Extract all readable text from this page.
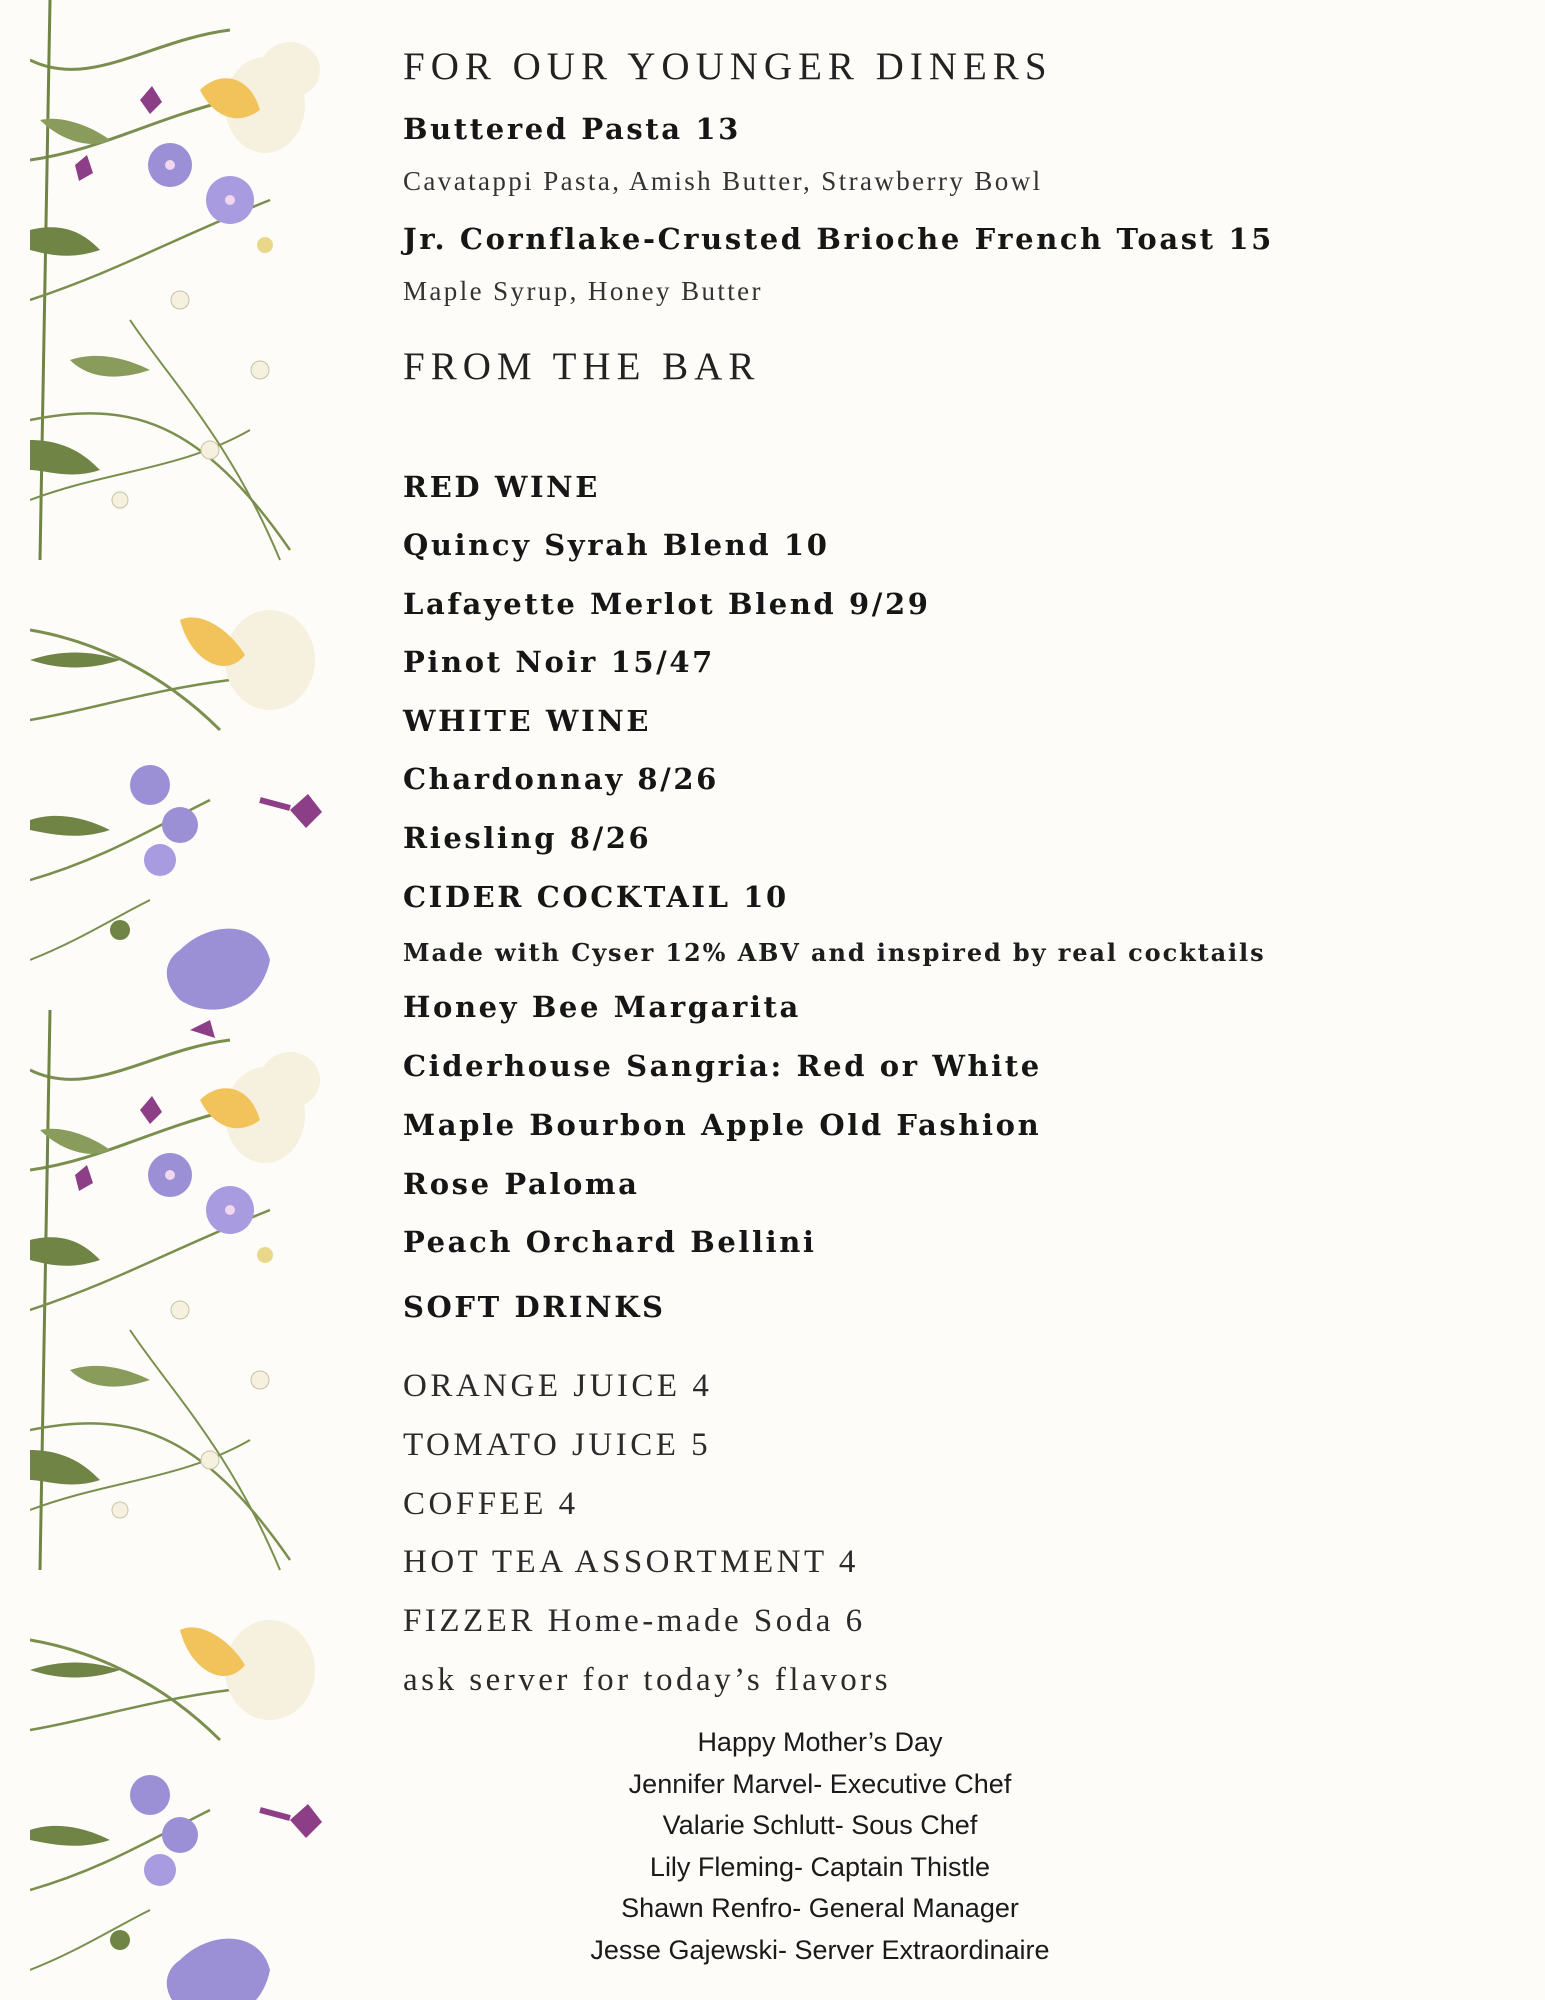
FOR OUR YOUNGER DINERS
Buttered Pasta 13
Cavatappi Pasta, Amish Butter, Strawberry Bowl
Jr. Cornflake-Crusted Brioche French Toast 15
Maple Syrup, Honey Butter
FROM THE BAR
RED WINE
Quincy Syrah Blend 10
Lafayette Merlot Blend 9/29
Pinot Noir 15/47
WHITE WINE
Chardonnay 8/26
Riesling 8/26
CIDER COCKTAIL 10
Made with Cyser 12% ABV and inspired by real cocktails
Honey Bee Margarita
Ciderhouse Sangria: Red or White
Maple Bourbon Apple Old Fashion
Rose Paloma
Peach Orchard Bellini
SOFT DRINKS
ORANGE JUICE 4
TOMATO JUICE 5
COFFEE 4
HOT TEA ASSORTMENT 4
FIZZER Home-made Soda 6
ask server for today’s flavors
Happy Mother’s Day
Jennifer Marvel- Executive Chef
Valarie Schlutt- Sous Chef
Lily Fleming- Captain Thistle
Shawn Renfro- General Manager
Jesse Gajewski- Server Extraordinaire
